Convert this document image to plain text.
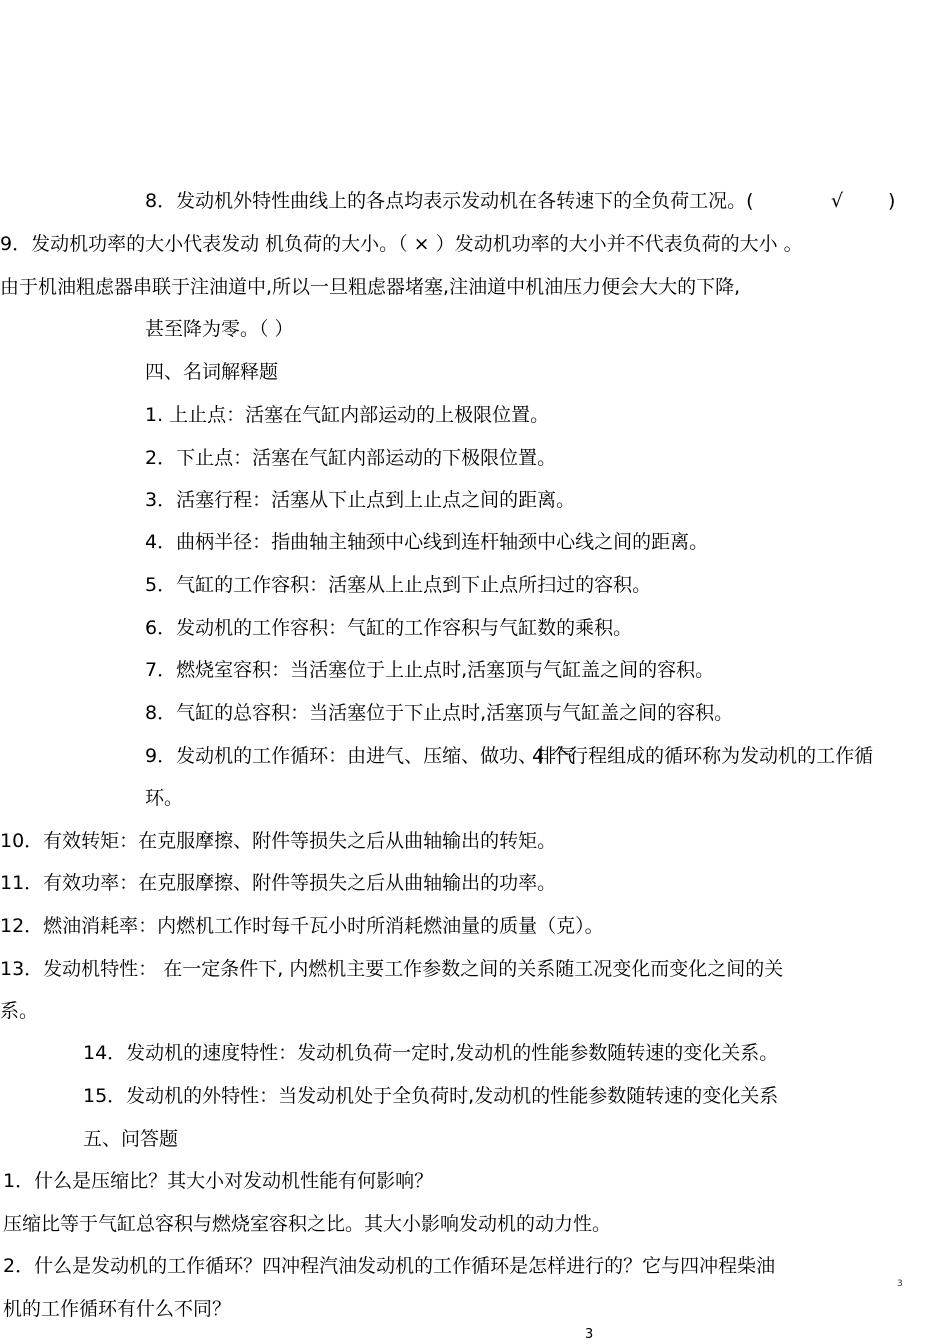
8．发动机外特性曲线上的各点均表示发动机在各转速下的全负荷工况。(	√ )
9．发动机功率的大小代表发动 机负荷的大小。（ × ）发动机功率的大小并不代表负荷的大小 。
由于机油粗虑器串联于注油道中,所以一旦粗虑器堵塞,注油道中机油压力便会大大的下降,
甚至降为零。（ ）
四、名词解释题
1. 上止点：活塞在气缸内部运动的上极限位置。
2．下止点：活塞在气缸内部运动的下极限位置。
3．活塞行程：活塞从下止点到上止点之间的距离。
4．曲柄半径：指曲轴主轴颈中心线到连杆轴颈中心线之间的距离。
5．气缸的工作容积：活塞从上止点到下止点所扫过的容积。
6．发动机的工作容积：气缸的工作容积与气缸数的乘积。
7．燃烧室容积：当活塞位于上止点时,活塞顶与气缸盖之间的容积。
8．气缸的总容积：当活塞位于下止点时,活塞顶与气缸盖之间的容积。
9．发动机的工作循环：由进气、压缩、做功、排气
4 个行程组成的循环称为发动机的工作循
环。
10．有效转矩：在克服摩擦、附件等损失之后从曲轴输出的转矩。
11．有效功率：在克服摩擦、附件等损失之后从曲轴输出的功率。
12．燃油消耗率：内燃机工作时每千瓦小时所消耗燃油量的质量（克）。
13．发动机特性： 在一定条件下, 内燃机主要工作参数之间的关系随工况变化而变化之间的关
系。
14．发动机的速度特性：发动机负荷一定时,发动机的性能参数随转速的变化关系。
15．发动机的外特性：当发动机处于全负荷时,发动机的性能参数随转速的变化关系
五、问答题
1．什么是压缩比？其大小对发动机性能有何影响？
压缩比等于气缸总容积与燃烧室容积之比。其大小影响发动机的动力性。
2．什么是发动机的工作循环？四冲程汽油发动机的工作循环是怎样进行的？它与四冲程柴油
机的工作循环有什么不同？
3
3
